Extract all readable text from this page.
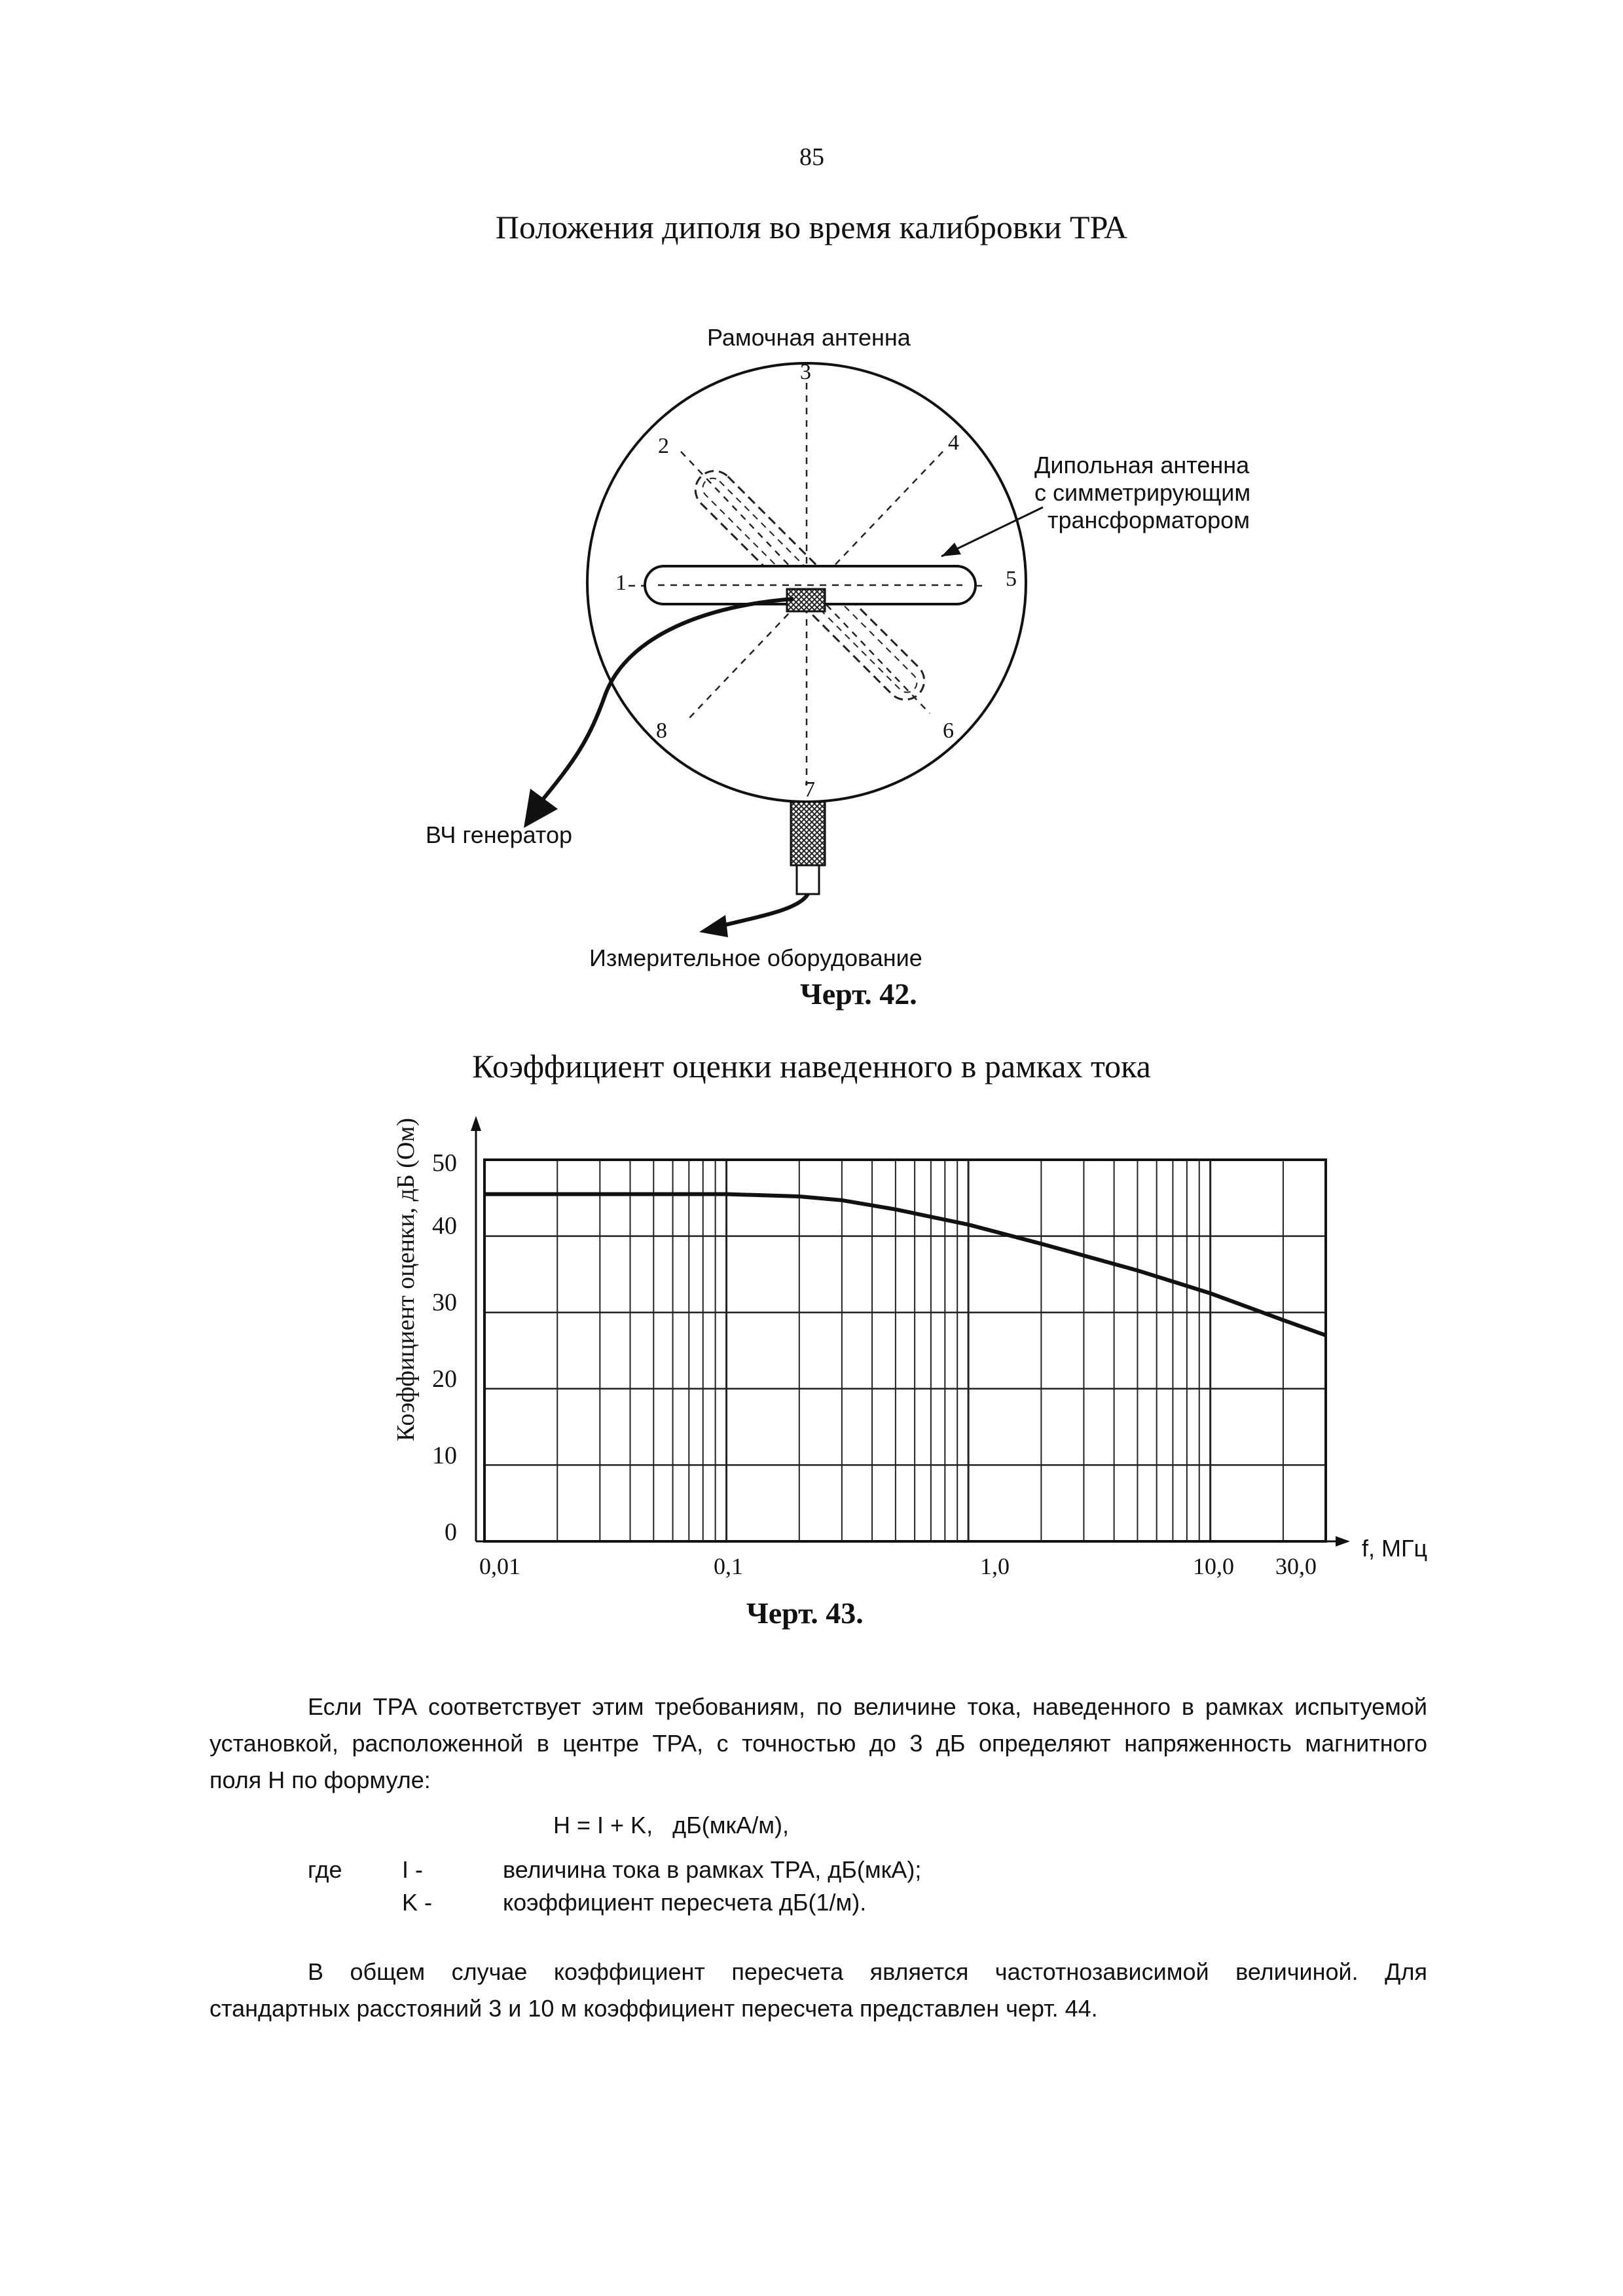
85
Положения диполя во время калибровки ТРА
Рамочная антенна
Дипольная антенна
с симметрирующим
трансформатором
ВЧ генератор
Измерительное оборудование
1
2
3
4
5
6
7
8
Черт. 42.
Коэффициент оценки наведенного в рамках тока
50
40
30
20
10
0
Коэффициент оценки, дБ (Ом)
0,01	0,1	1,0	10,0 30,0
f, МГц
Черт. 43.
Если ТРА соответствует этим требованиям, по величине тока, наведенного в рамках испытуемой
установкой, расположенной в центре ТРА, с точностью до 3 дБ определяют напряженность магнитного
поля Н по формуле:
H = I + K,   дБ(мкА/м),
где	I -	величина тока в рамках ТРА, дБ(мкА);
K -	коэффициент пересчета дБ(1/м).
В общем случае коэффициент пересчета является частотнозависимой величиной. Для
стандартных расстояний 3 и 10 м коэффициент пересчета представлен черт. 44.
